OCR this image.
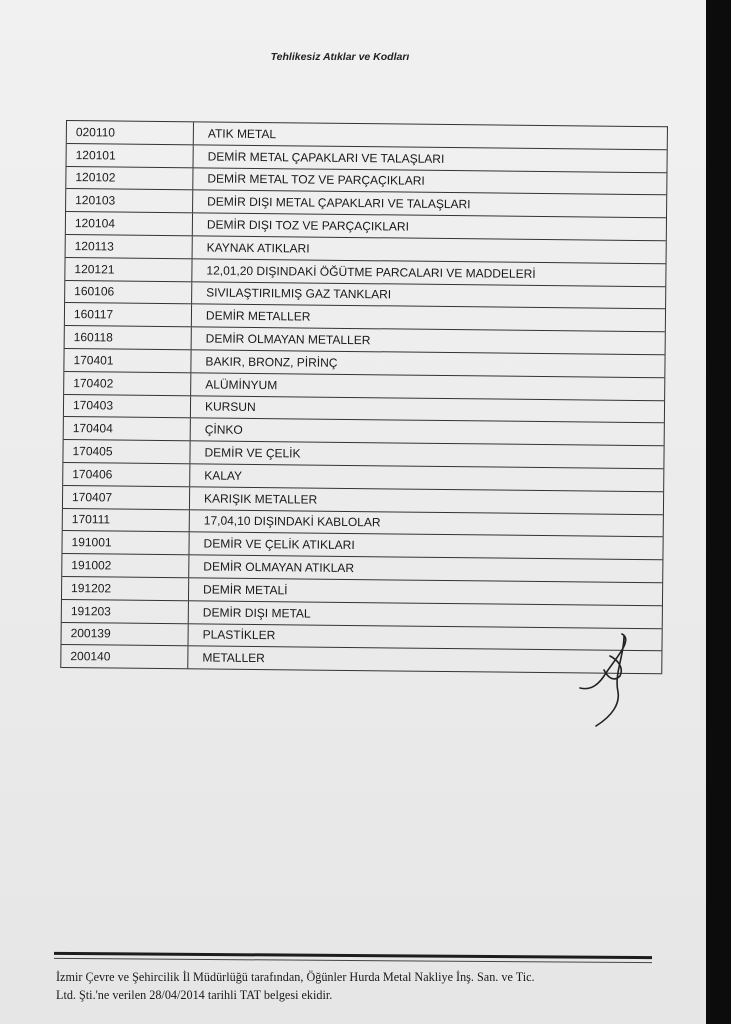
Tehlikesiz Atıklar ve Kodları
020110	ATIK METAL
120101	DEMİR METAL ÇAPAKLARI VE TALAŞLARI
120102	DEMİR METAL TOZ VE PARÇAÇIKLARI
120103	DEMİR DIŞI METAL ÇAPAKLARI VE TALAŞLARI
120104	DEMİR DIŞI TOZ VE PARÇAÇIKLARI
120113	KAYNAK ATIKLARI
120121	12,01,20 DIŞINDAKİ ÖĞÜTME PARCALARI VE MADDELERİ
160106	SIVILAŞTIRILMIŞ GAZ TANKLARI
160117	DEMİR METALLER
160118	DEMİR OLMAYAN METALLER
170401	BAKIR, BRONZ, PİRİNÇ
170402	ALÜMİNYUM
170403	KURSUN
170404	ÇİNKO
170405	DEMİR VE ÇELİK
170406	KALAY
170407	KARIŞIK METALLER
170111	17,04,10 DIŞINDAKİ KABLOLAR
191001	DEMİR VE ÇELİK ATIKLARI
191002	DEMİR OLMAYAN ATIKLAR
191202	DEMİR METALİ
191203	DEMİR DIŞI METAL
200139	PLASTİKLER
200140	METALLER
İzmir Çevre ve Şehircilik İl Müdürlüğü tarafından, Öğünler Hurda Metal Nakliye İnş. San. ve Tic.
Ltd. Şti.'ne verilen 28/04/2014 tarihli TAT belgesi ekidir.
